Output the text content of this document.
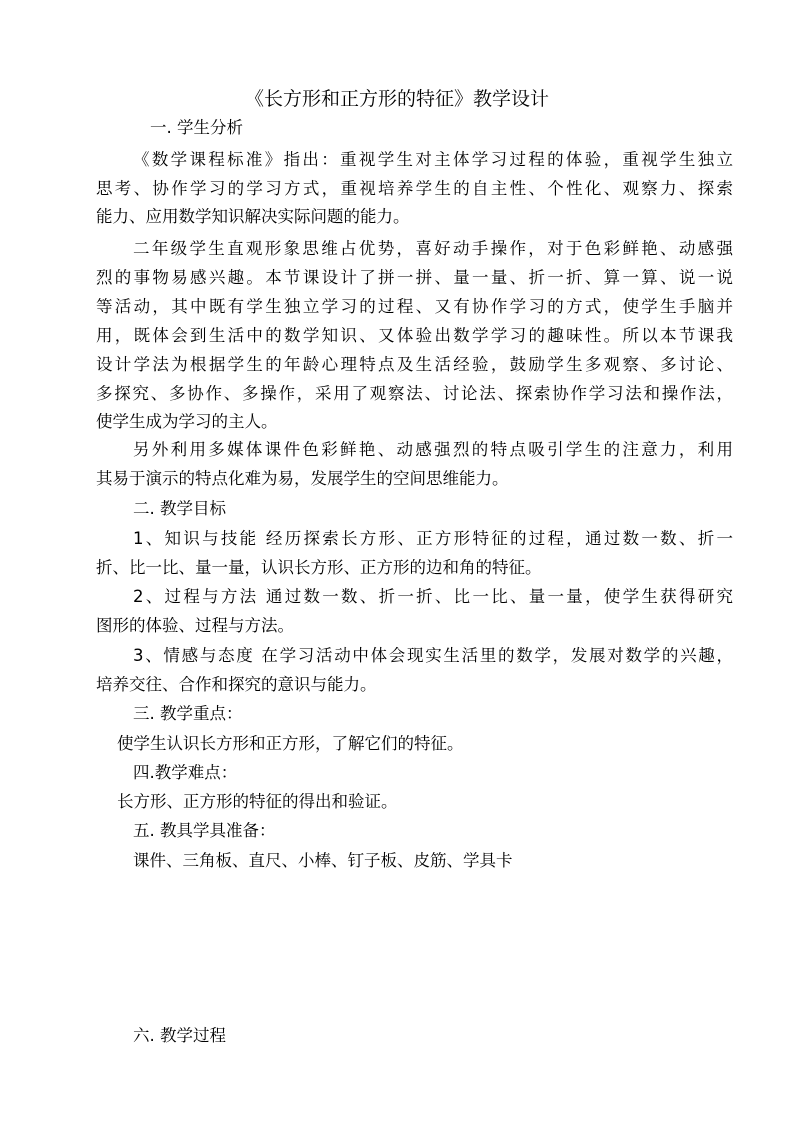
《长方形和正方形的特征》教学设计
一. 学生分析
《数学课程标准》指出：重视学生对主体学习过程的体验，重视学生独立
思考、协作学习的学习方式，重视培养学生的自主性、个性化、观察力、探索
能力、应用数学知识解决实际问题的能力。
二年级学生直观形象思维占优势，喜好动手操作，对于色彩鲜艳、动感强
烈的事物易感兴趣。本节课设计了拼一拼、量一量、折一折、算一算、说一说
等活动，其中既有学生独立学习的过程、又有协作学习的方式，使学生手脑并
用，既体会到生活中的数学知识、又体验出数学学习的趣味性。所以本节课我
设计学法为根据学生的年龄心理特点及生活经验，鼓励学生多观察、多讨论、
多探究、多协作、多操作，采用了观察法、讨论法、探索协作学习法和操作法，
使学生成为学习的主人。
另外利用多媒体课件色彩鲜艳、动感强烈的特点吸引学生的注意力，利用
其易于演示的特点化难为易，发展学生的空间思维能力。
二. 教学目标
1、知识与技能 经历探索长方形、正方形特征的过程，通过数一数、折一
折、比一比、量一量，认识长方形、正方形的边和角的特征。
2、过程与方法 通过数一数、折一折、比一比、量一量，使学生获得研究
图形的体验、过程与方法。
3、情感与态度 在学习活动中体会现实生活里的数学，发展对数学的兴趣，
培养交往、合作和探究的意识与能力。
三. 教学重点：
使学生认识长方形和正方形，了解它们的特征。
四.教学难点：
长方形、正方形的特征的得出和验证。
五. 教具学具准备：
课件、三角板、直尺、小棒、钉子板、皮筋、学具卡
六. 教学过程
